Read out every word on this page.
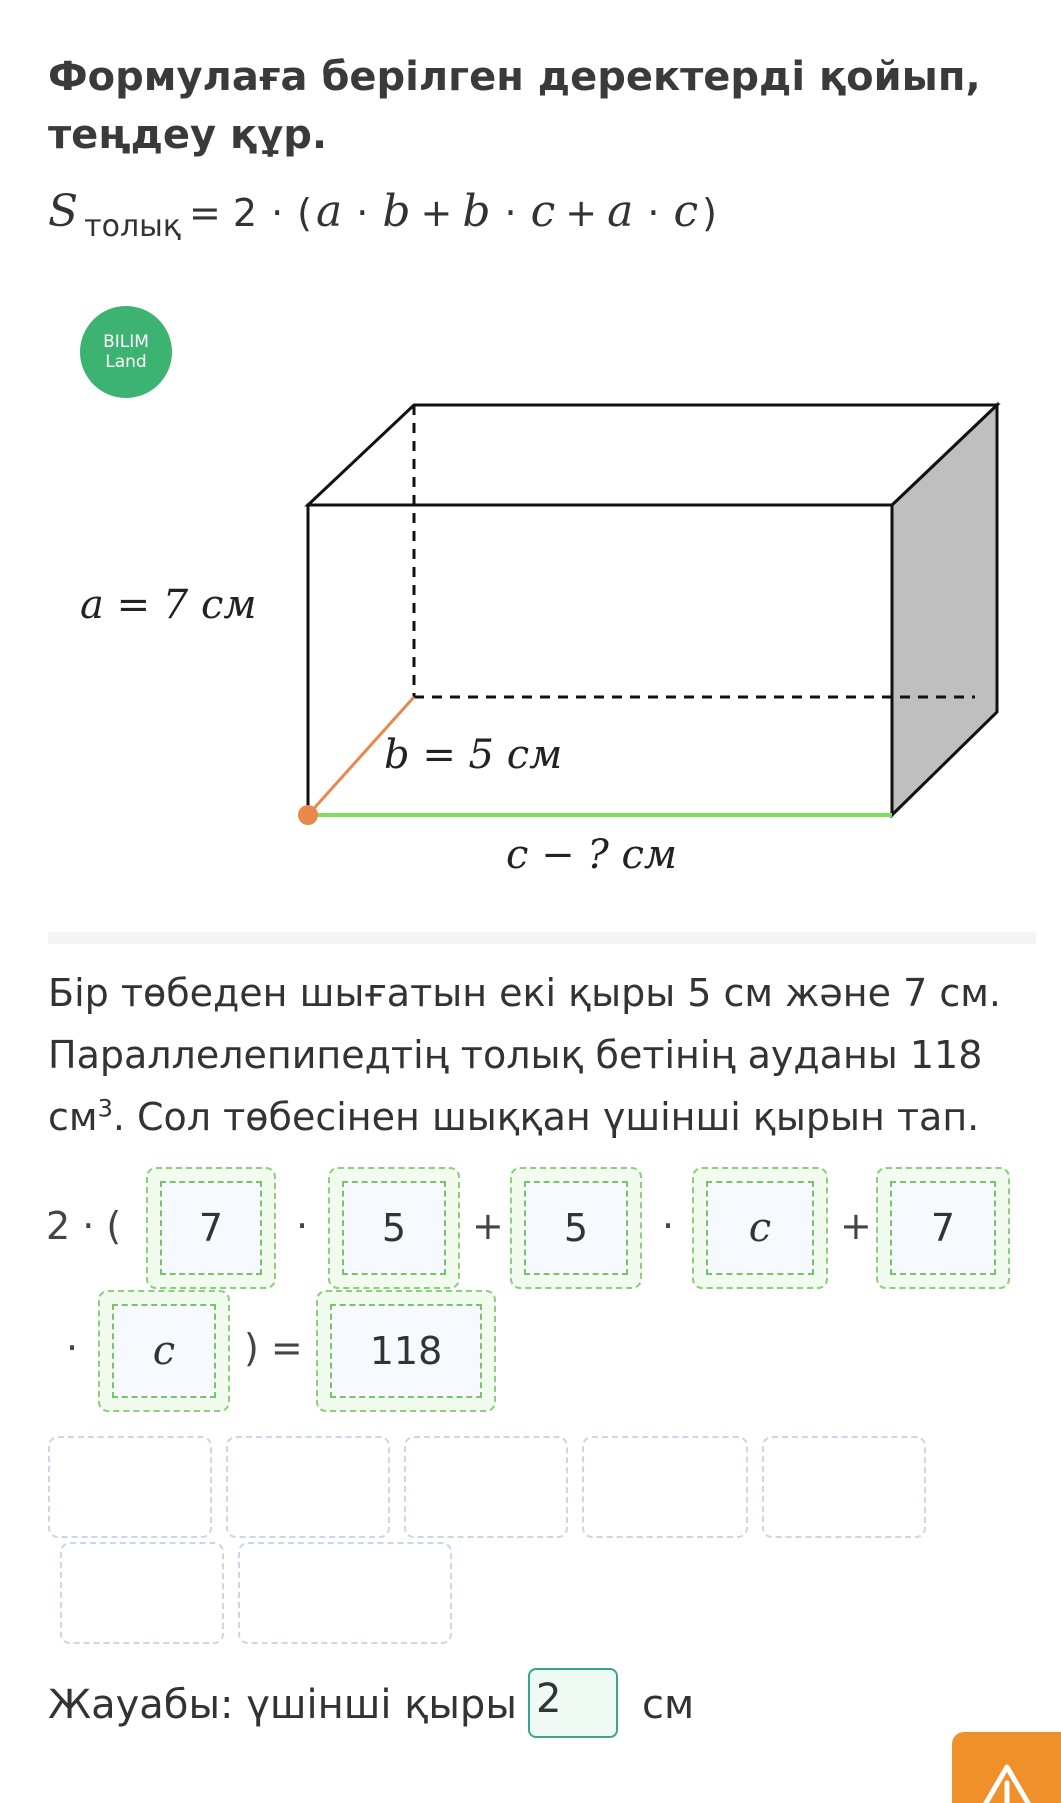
Формулаға берілген деректерді қойып, теңдеу құр.
S толық = 2 · ( a · b + b · c + a · c )
BILIM
Land
a = 7 см
b = 5 см
c − ? см
Бір төбеден шығатын екі қыры 5 см және 7 см.
Параллелепипедтің толық бетінің ауданы 118
$см^3$. Сол төбесінен шыққан үшінші қырын тап.
2 · (	7	·	5	+	5	·	c	+	7
·	c	) =	118
Жауабы: үшінші қыры 2	см
